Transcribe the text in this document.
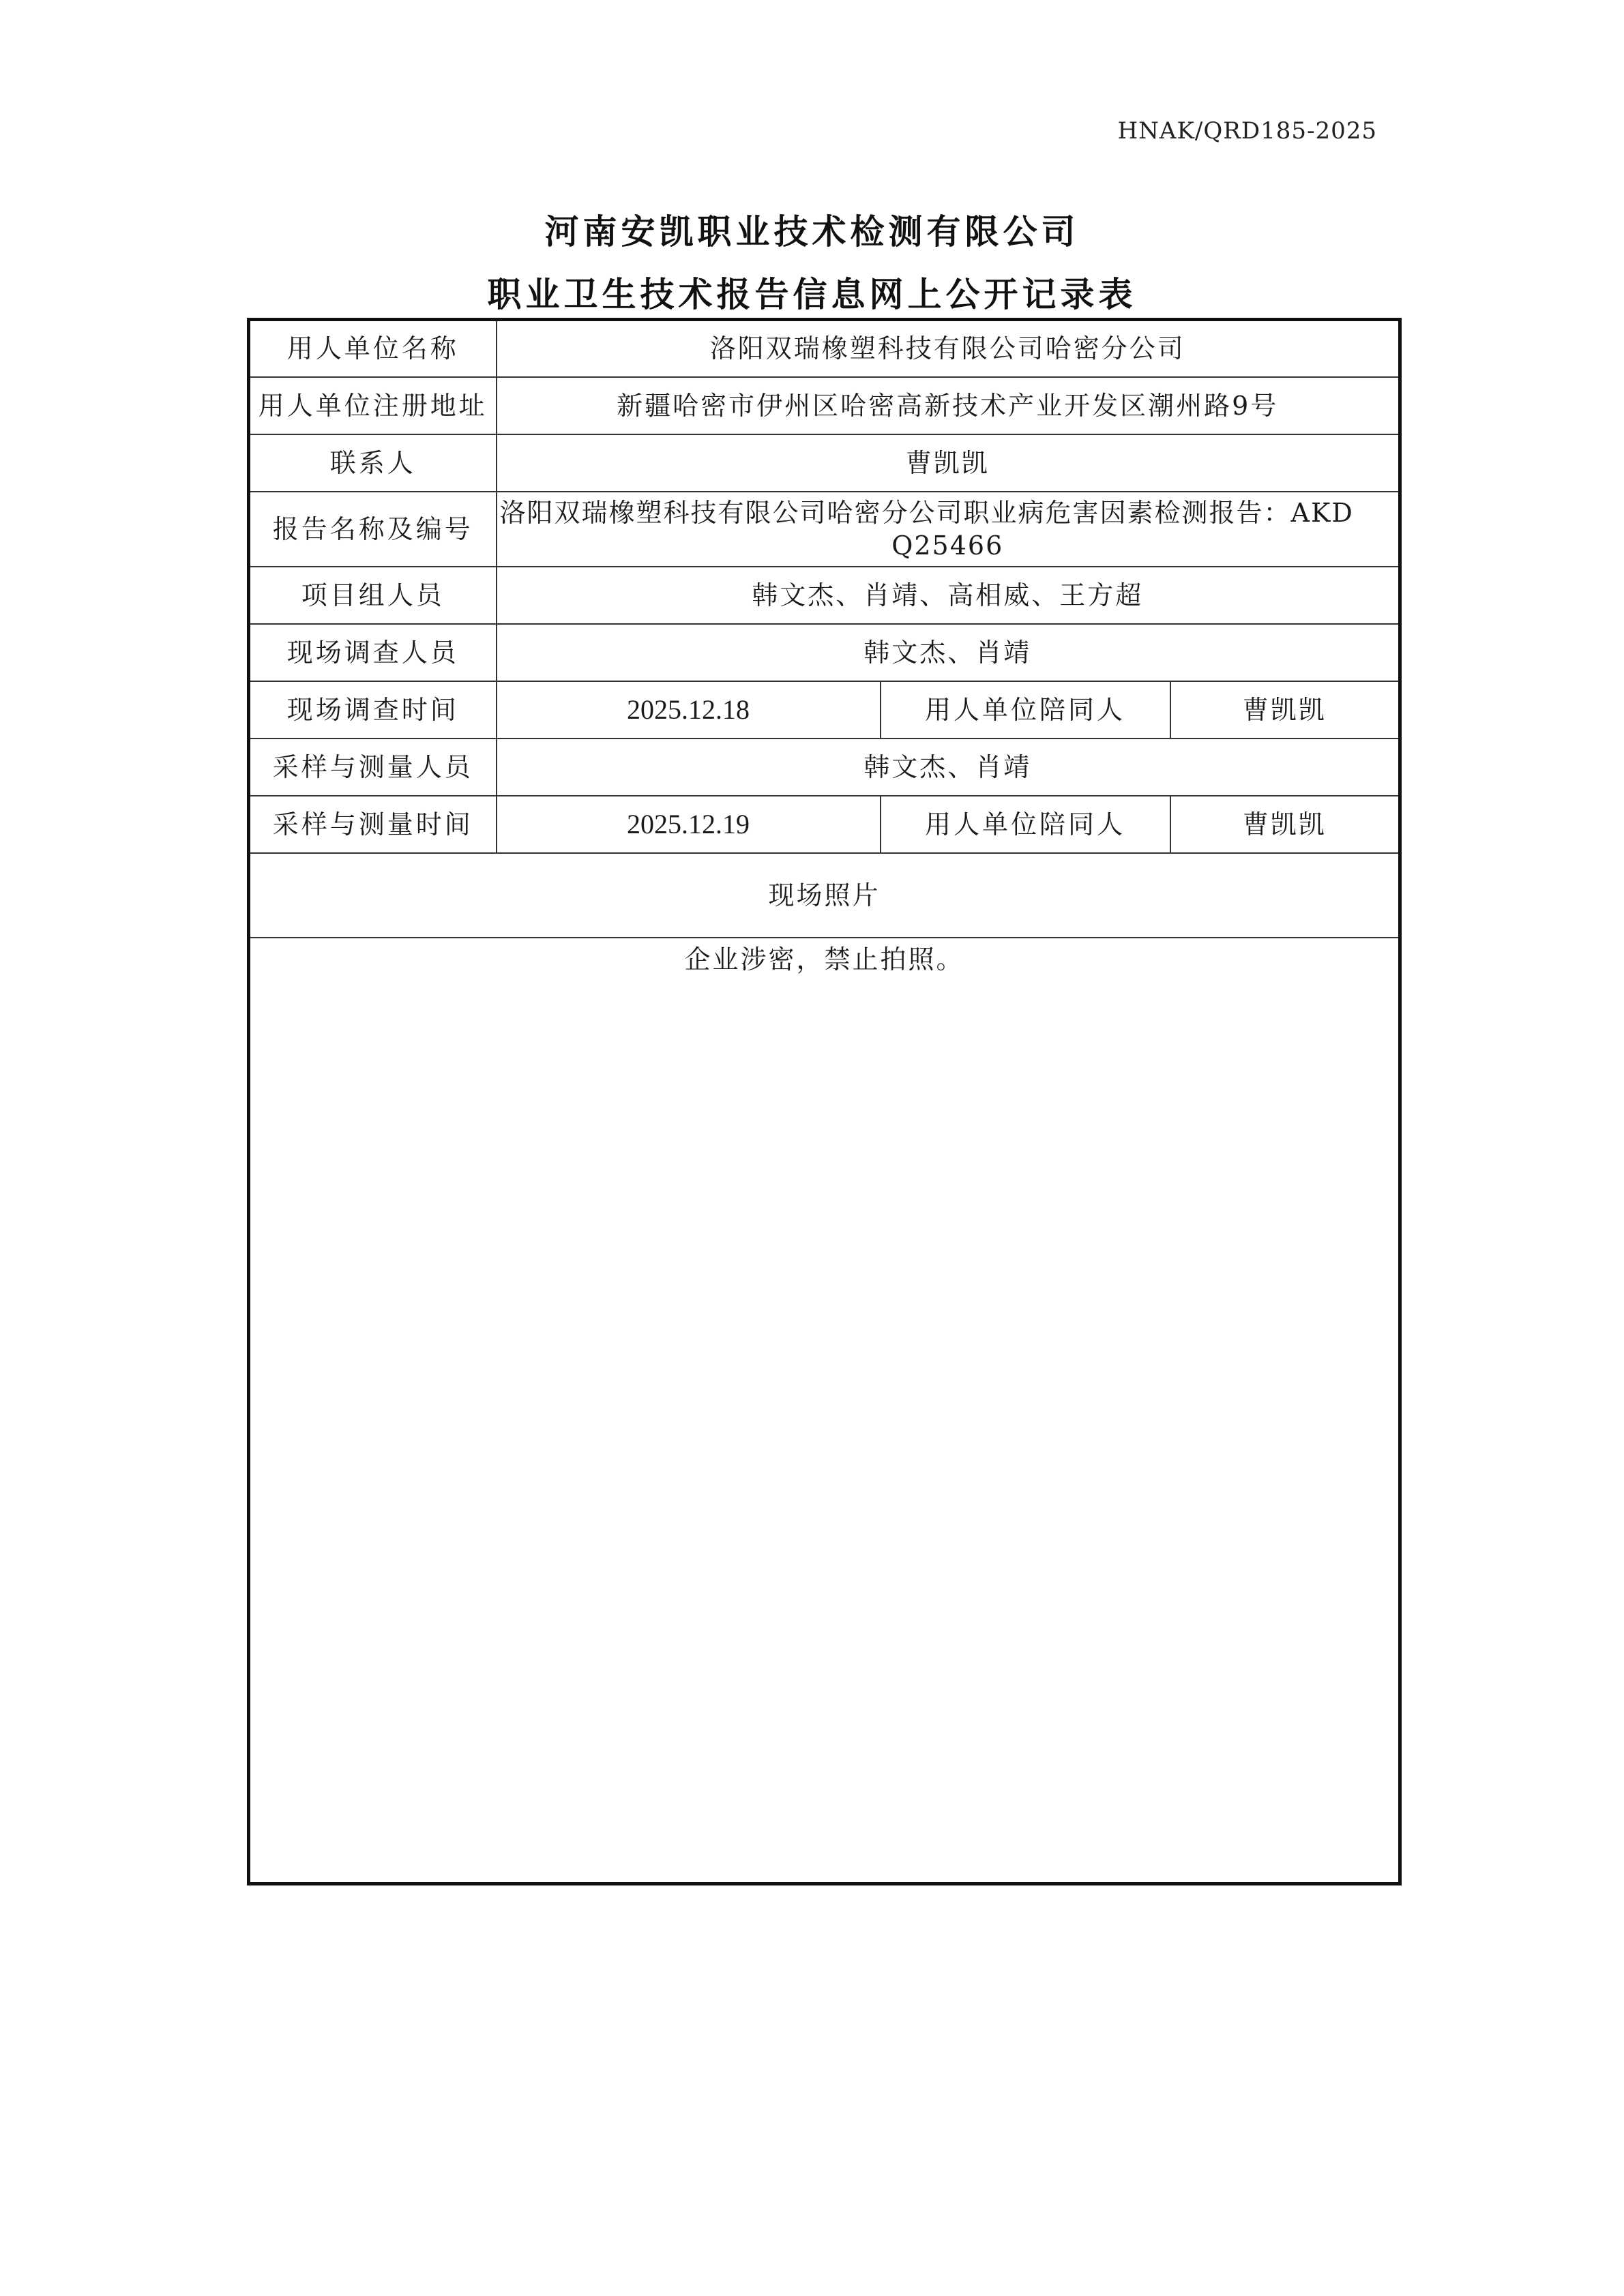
HNAK/QRD185-2025
河南安凯职业技术检测有限公司
职业卫生技术报告信息网上公开记录表
用人单位名称	洛阳双瑞橡塑科技有限公司哈密分公司		
用人单位注册地址	新疆哈密市伊州区哈密高新技术产业开发区潮州路9号		
联系人	曹凯凯		
报告名称及编号	洛阳双瑞橡塑科技有限公司哈密分公司职业病危害因素检测报告：AKD
Q25466		

项目组人员	韩文杰、肖靖、高相威、王方超		
现场调查人员	韩文杰、肖靖		
现场调查时间	2025.12.18	用人单位陪同人	曹凯凯
采样与测量人员	韩文杰、肖靖		
采样与测量时间	2025.12.19	用人单位陪同人	曹凯凯
现场照片			
企业涉密，禁止拍照。			
